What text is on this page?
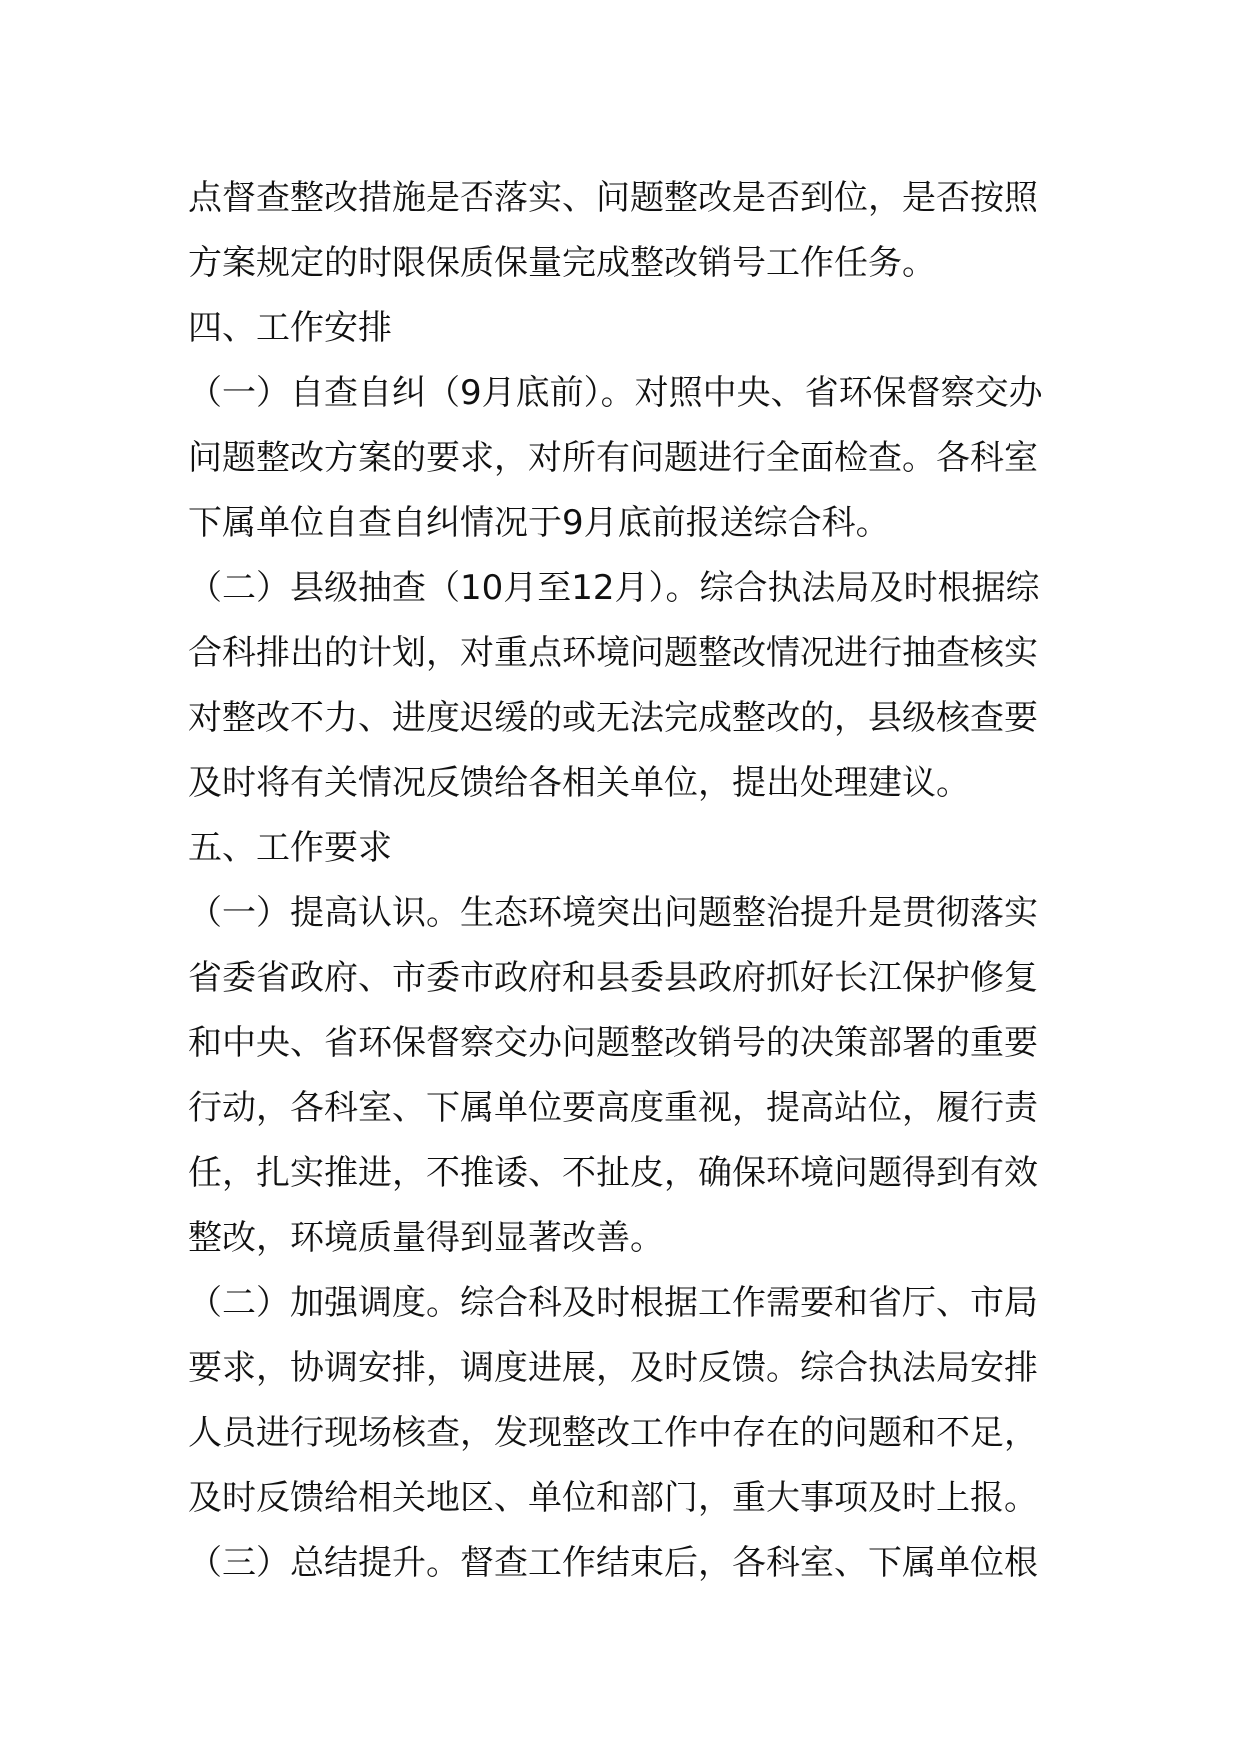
点督查整改措施是否落实、问题整改是否到位，是否按照
方案规定的时限保质保量完成整改销号工作任务。
四、工作安排
（一）自查自纠（9月底前）。对照中央、省环保督察交办
问题整改方案的要求，对所有问题进行全面检查。各科室
下属单位自查自纠情况于9月底前报送综合科。
（二）县级抽查（10月至12月）。综合执法局及时根据综
合科排出的计划，对重点环境问题整改情况进行抽查核实
对整改不力、进度迟缓的或无法完成整改的，县级核查要
及时将有关情况反馈给各相关单位，提出处理建议。
五、工作要求
（一）提高认识。生态环境突出问题整治提升是贯彻落实
省委省政府、市委市政府和县委县政府抓好长江保护修复
和中央、省环保督察交办问题整改销号的决策部署的重要
行动，各科室、下属单位要高度重视，提高站位，履行责
任，扎实推进，不推诿、不扯皮，确保环境问题得到有效
整改，环境质量得到显著改善。
（二）加强调度。综合科及时根据工作需要和省厅、市局
要求，协调安排，调度进展，及时反馈。综合执法局安排
人员进行现场核查，发现整改工作中存在的问题和不足，
及时反馈给相关地区、单位和部门，重大事项及时上报。
（三）总结提升。督查工作结束后，各科室、下属单位根
